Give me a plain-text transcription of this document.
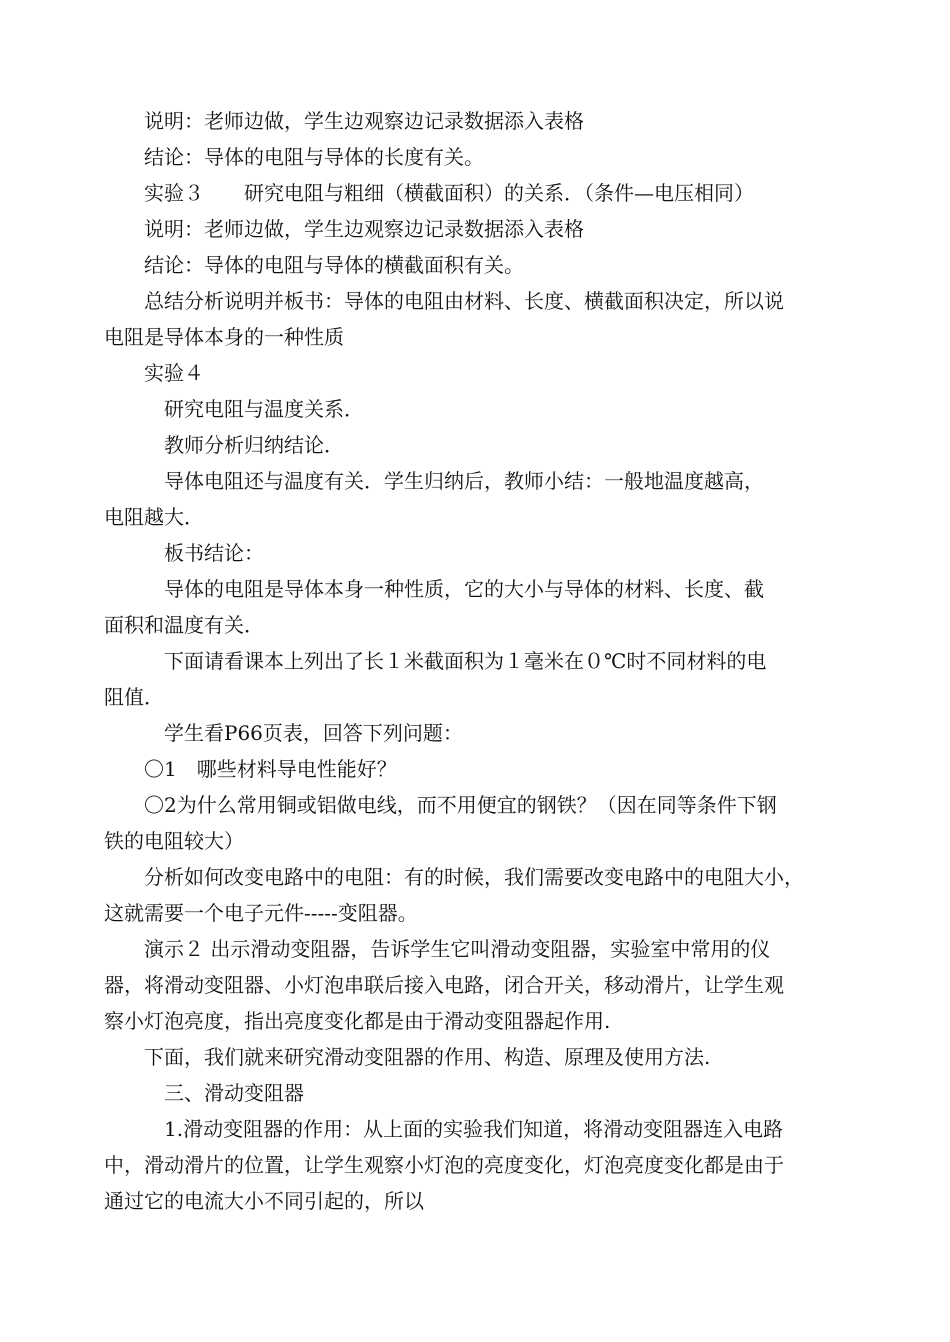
　　说明：老师边做，学生边观察边记录数据添入表格
　　结论：导体的电阻与导体的长度有关。
　　实验３　　研究电阻与粗细（横截面积）的关系．（条件—电压相同）
　　说明：老师边做，学生边观察边记录数据添入表格
　　结论：导体的电阻与导体的横截面积有关。
　　总结分析说明并板书：导体的电阻由材料、长度、横截面积决定，所以说
电阻是导体本身的一种性质
　　实验４
　　　研究电阻与温度关系．
　　　教师分析归纳结论．
　　　导体电阻还与温度有关．学生归纳后，教师小结：一般地温度越高，
电阻越大．
　　　板书结论：
　　　导体的电阻是导体本身一种性质，它的大小与导体的材料、长度、截
面积和温度有关．
　　　下面请看课本上列出了长１米截面积为１毫米在０℃时不同材料的电
阻值．
　　　学生看P66页表，回答下列问题：
　　〇1　哪些材料导电性能好？
　　〇2为什么常用铜或铝做电线，而不用便宜的钢铁？（因在同等条件下钢
铁的电阻较大）
　　分析如何改变电路中的电阻：有的时候，我们需要改变电路中的电阻大小，
这就需要一个电子元件-----变阻器。
　　演示２ 出示滑动变阻器，告诉学生它叫滑动变阻器，实验室中常用的仪
器，将滑动变阻器、小灯泡串联后接入电路，闭合开关，移动滑片，让学生观
察小灯泡亮度，指出亮度变化都是由于滑动变阻器起作用.
　　下面，我们就来研究滑动变阻器的作用、构造、原理及使用方法.
　　　三、滑动变阻器
　　　1.滑动变阻器的作用：从上面的实验我们知道，将滑动变阻器连入电路
中，滑动滑片的位置，让学生观察小灯泡的亮度变化，灯泡亮度变化都是由于
通过它的电流大小不同引起的，所以
